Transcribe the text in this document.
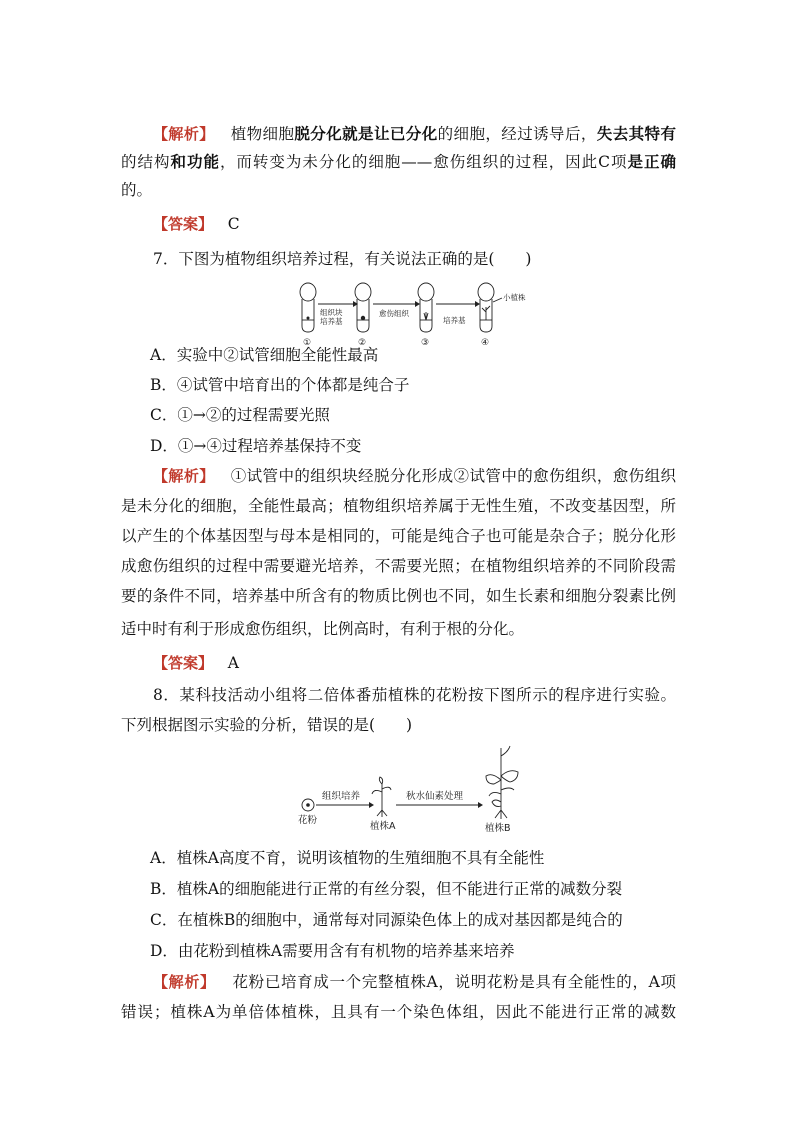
【解析】 植物细胞脱分化就是让已分化的细胞，经过诱导后，失去其特有
的结构和功能，而转变为未分化的细胞——愈伤组织的过程，因此C项是正确
的。
【答案】 C
7．下图为植物组织培养过程，有关说法正确的是(　　)
组织块
培养基
愈伤组织
培养基
小植株
①	②	③	④
A．实验中②试管细胞全能性最高
B．④试管中培育出的个体都是纯合子
C．①→②的过程需要光照
D．①→④过程培养基保持不变
【解析】 ①试管中的组织块经脱分化形成②试管中的愈伤组织，愈伤组织
是未分化的细胞，全能性最高；植物组织培养属于无性生殖，不改变基因型，所
以产生的个体基因型与母本是相同的，可能是纯合子也可能是杂合子；脱分化形
成愈伤组织的过程中需要避光培养，不需要光照；在植物组织培养的不同阶段需
要的条件不同，培养基中所含有的物质比例也不同，如生长素和细胞分裂素比例
适中时有利于形成愈伤组织，比例高时，有利于根的分化。
【答案】 A
8．某科技活动小组将二倍体番茄植株的花粉按下图所示的程序进行实验。
下列根据图示实验的分析，错误的是(　　)
花粉
组织培养
植株A
秋水仙素处理
植株B
A．植株A高度不育，说明该植物的生殖细胞不具有全能性
B．植株A的细胞能进行正常的有丝分裂，但不能进行正常的减数分裂
C．在植株B的细胞中，通常每对同源染色体上的成对基因都是纯合的
D．由花粉到植株A需要用含有有机物的培养基来培养
【解析】 花粉已培育成一个完整植株A，说明花粉是具有全能性的，A项
错误；植株A为单倍体植株，且具有一个染色体组，因此不能进行正常的减数
